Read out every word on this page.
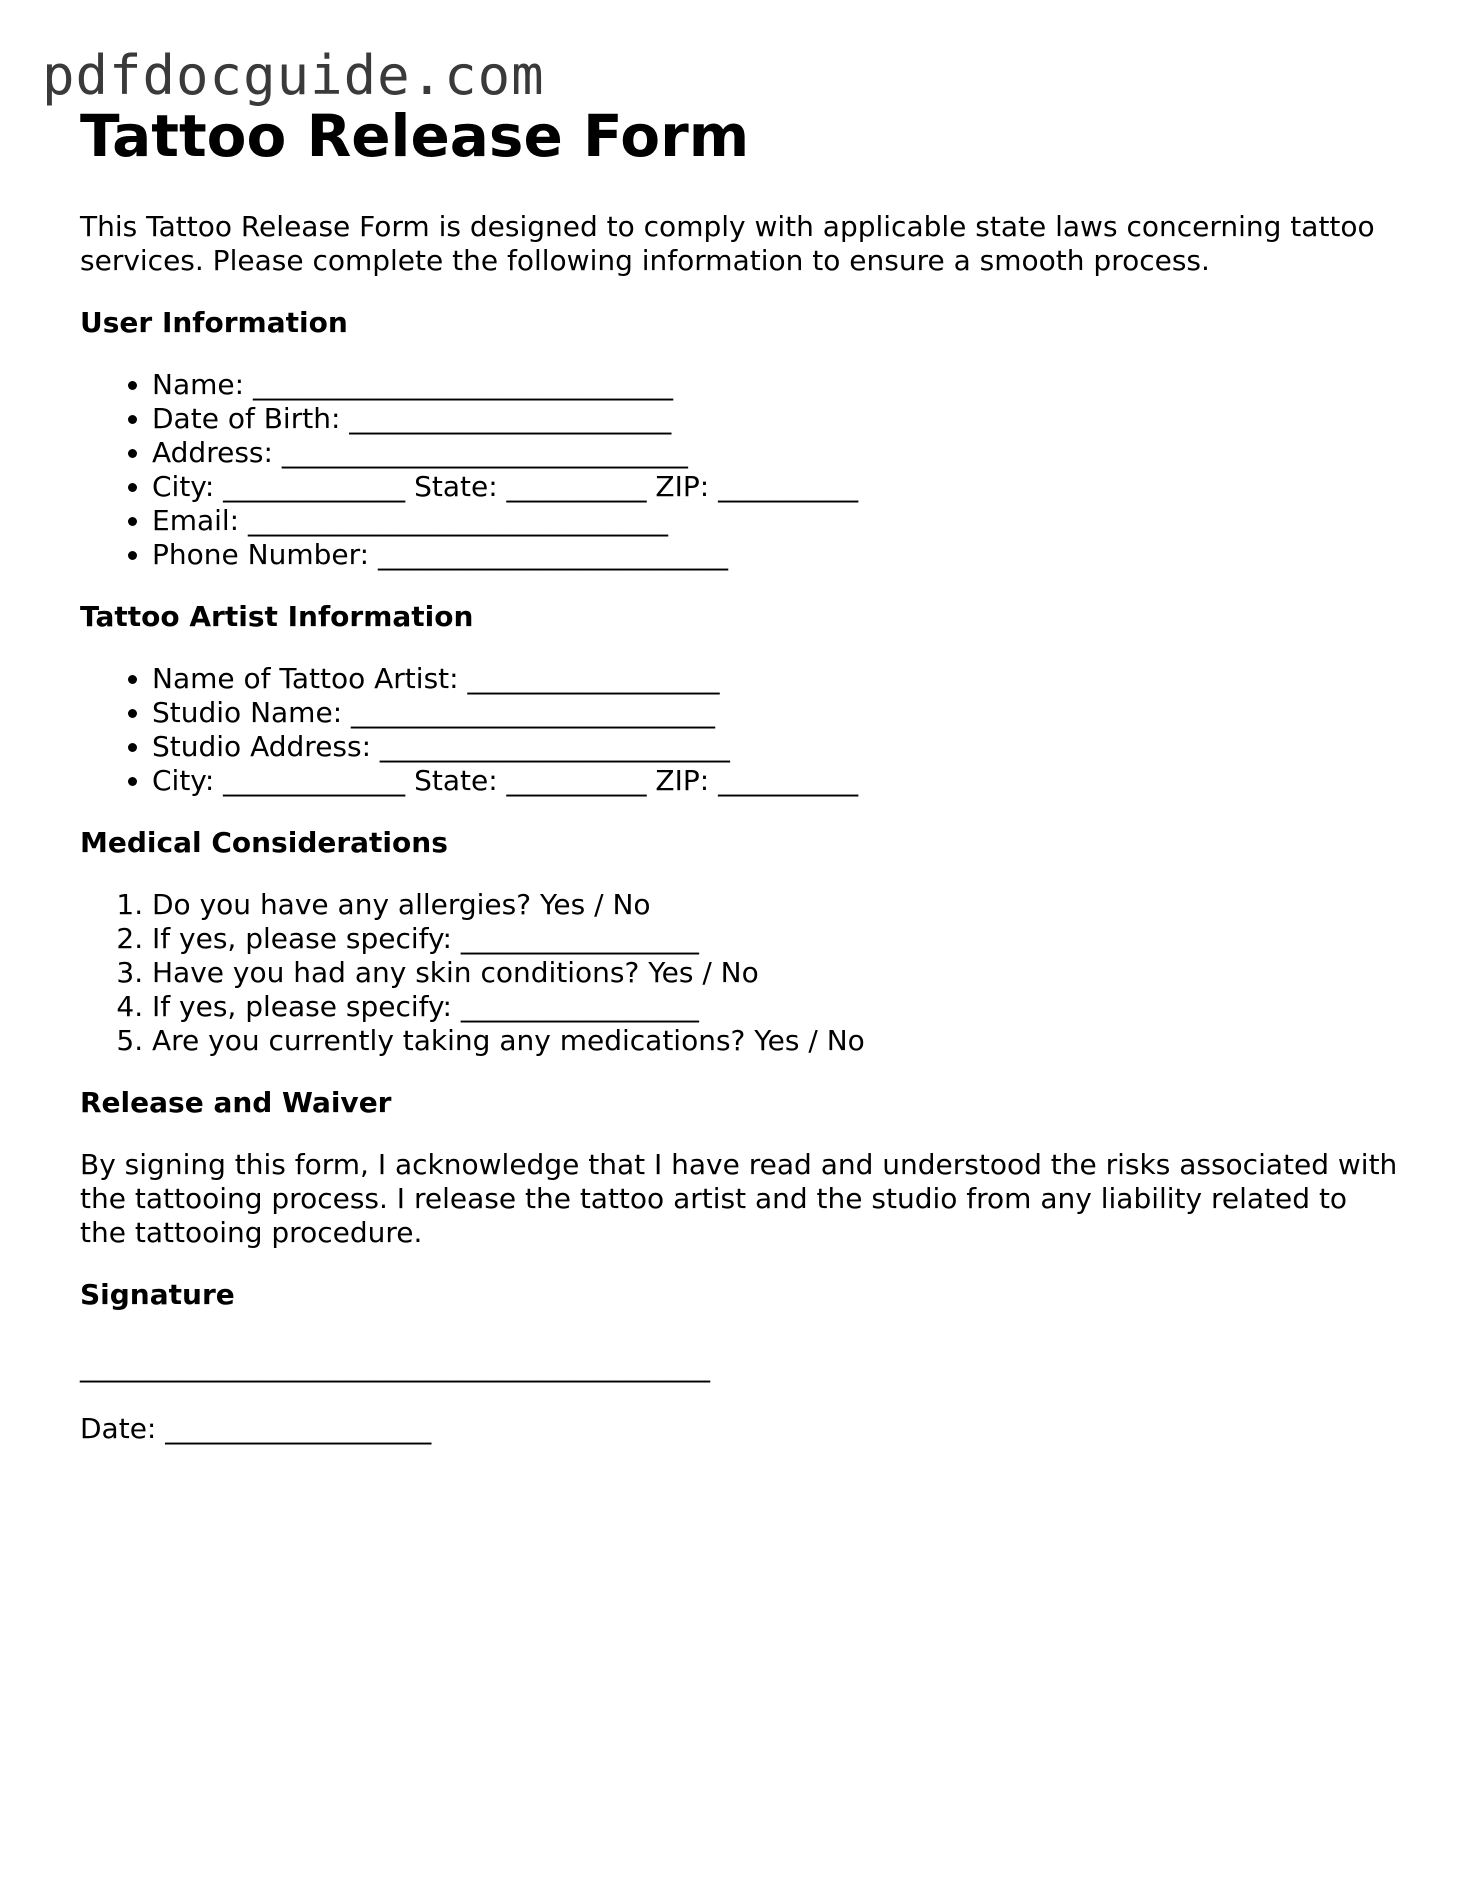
pdfdocguide.com
Tattoo Release Form

This Tattoo Release Form is designed to comply with applicable state laws concerning tattoo services. Please complete the following information to ensure a smooth process.

User Information
• Name: ______________________________
• Date of Birth: _______________________
• Address: _____________________________
• City: _____________ State: __________ ZIP: __________
• Email: ______________________________
• Phone Number: _________________________
Tattoo Artist Information
• Name of Tattoo Artist: __________________
• Studio Name: __________________________
• Studio Address: _________________________
• City: _____________ State: __________ ZIP: __________
Medical Considerations
1. Do you have any allergies? Yes / No
2. If yes, please specify: _________________
3. Have you had any skin conditions? Yes / No
4. If yes, please specify: _________________
5. Are you currently taking any medications? Yes / No
Release and Waiver

By signing this form, I acknowledge that I have read and understood the risks associated with the tattooing process. I release the tattoo artist and the studio from any liability related to the tattooing procedure.

Signature

_____________________________________________

Date: ___________________
